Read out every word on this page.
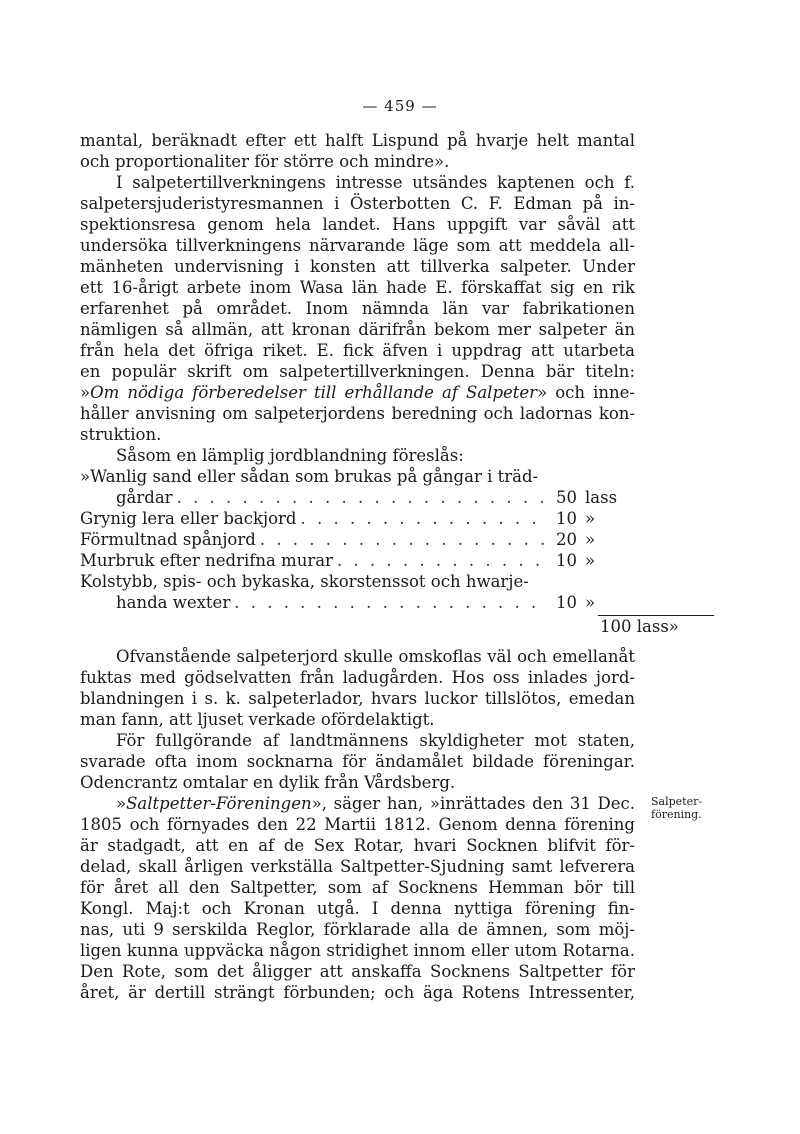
— 459 —
mantal, beräknadt efter ett halft Lispund på hvarje helt mantal
och proportionaliter för större och mindre».
I salpetertillverkningens intresse utsändes kaptenen och f.
salpetersjuderistyresmannen i Österbotten C. F. Edman på in-
spektionsresa genom hela landet. Hans uppgift var såväl att
undersöka tillverkningens närvarande läge som att meddela all-
mänheten undervisning i konsten att tillverka salpeter. Under
ett 16-årigt arbete inom Wasa län hade E. förskaffat sig en rik
erfarenhet på området. Inom nämnda län var fabrikationen
nämligen så allmän, att kronan därifrån bekom mer salpeter än
från hela det öfriga riket. E. fick äfven i uppdrag att utarbeta
en populär skrift om salpetertillverkningen. Denna bär titeln:
»Om nödiga förberedelser till erhållande af Salpeter» och inne-
håller anvisning om salpeterjordens beredning och ladornas kon-
struktion.
Såsom en lämplig jordblandning föreslås:
»Wanlig sand eller sådan som brukas på gångar i träd-
gårdar . . .	50 lass
Grynig lera eller backjord . . .	10 »
Förmultnad spånjord . . .	20 »
Murbruk efter nedrifna murar . . .	10 »
Kolstybb, spis- och bykaska, skorstenssot och hwarje-
handa wexter . . .	10 »
100 lass»
Ofvanstående salpeterjord skulle omskoflas väl och emellanåt
fuktas med gödselvatten från ladugården. Hos oss inlades jord-
blandningen i s. k. salpeterlador, hvars luckor tillslötos, emedan
man fann, att ljuset verkade ofördelaktigt.
För fullgörande af landtmännens skyldigheter mot staten,
svarade ofta inom socknarna för ändamålet bildade föreningar.
Odencrantz omtalar en dylik från Vårdsberg.
»Saltpetter-Föreningen», säger han, »inrättades den 31 Dec.
1805 och förnyades den 22 Martii 1812. Genom denna förening
är stadgadt, att en af de Sex Rotar, hvari Socknen blifvit för-
delad, skall årligen verkställa Saltpetter-Sjudning samt lefverera
för året all den Saltpetter, som af Socknens Hemman bör till
Kongl. Maj:t och Kronan utgå. I denna nyttiga förening fin-
nas, uti 9 serskilda Reglor, förklarade alla de ämnen, som möj-
ligen kunna uppväcka någon stridighet innom eller utom Rotarna.
Den Rote, som det åligger att anskaffa Socknens Saltpetter för
året, är dertill strängt förbunden; och äga Rotens Intressenter,
Salpeter-
förening.
